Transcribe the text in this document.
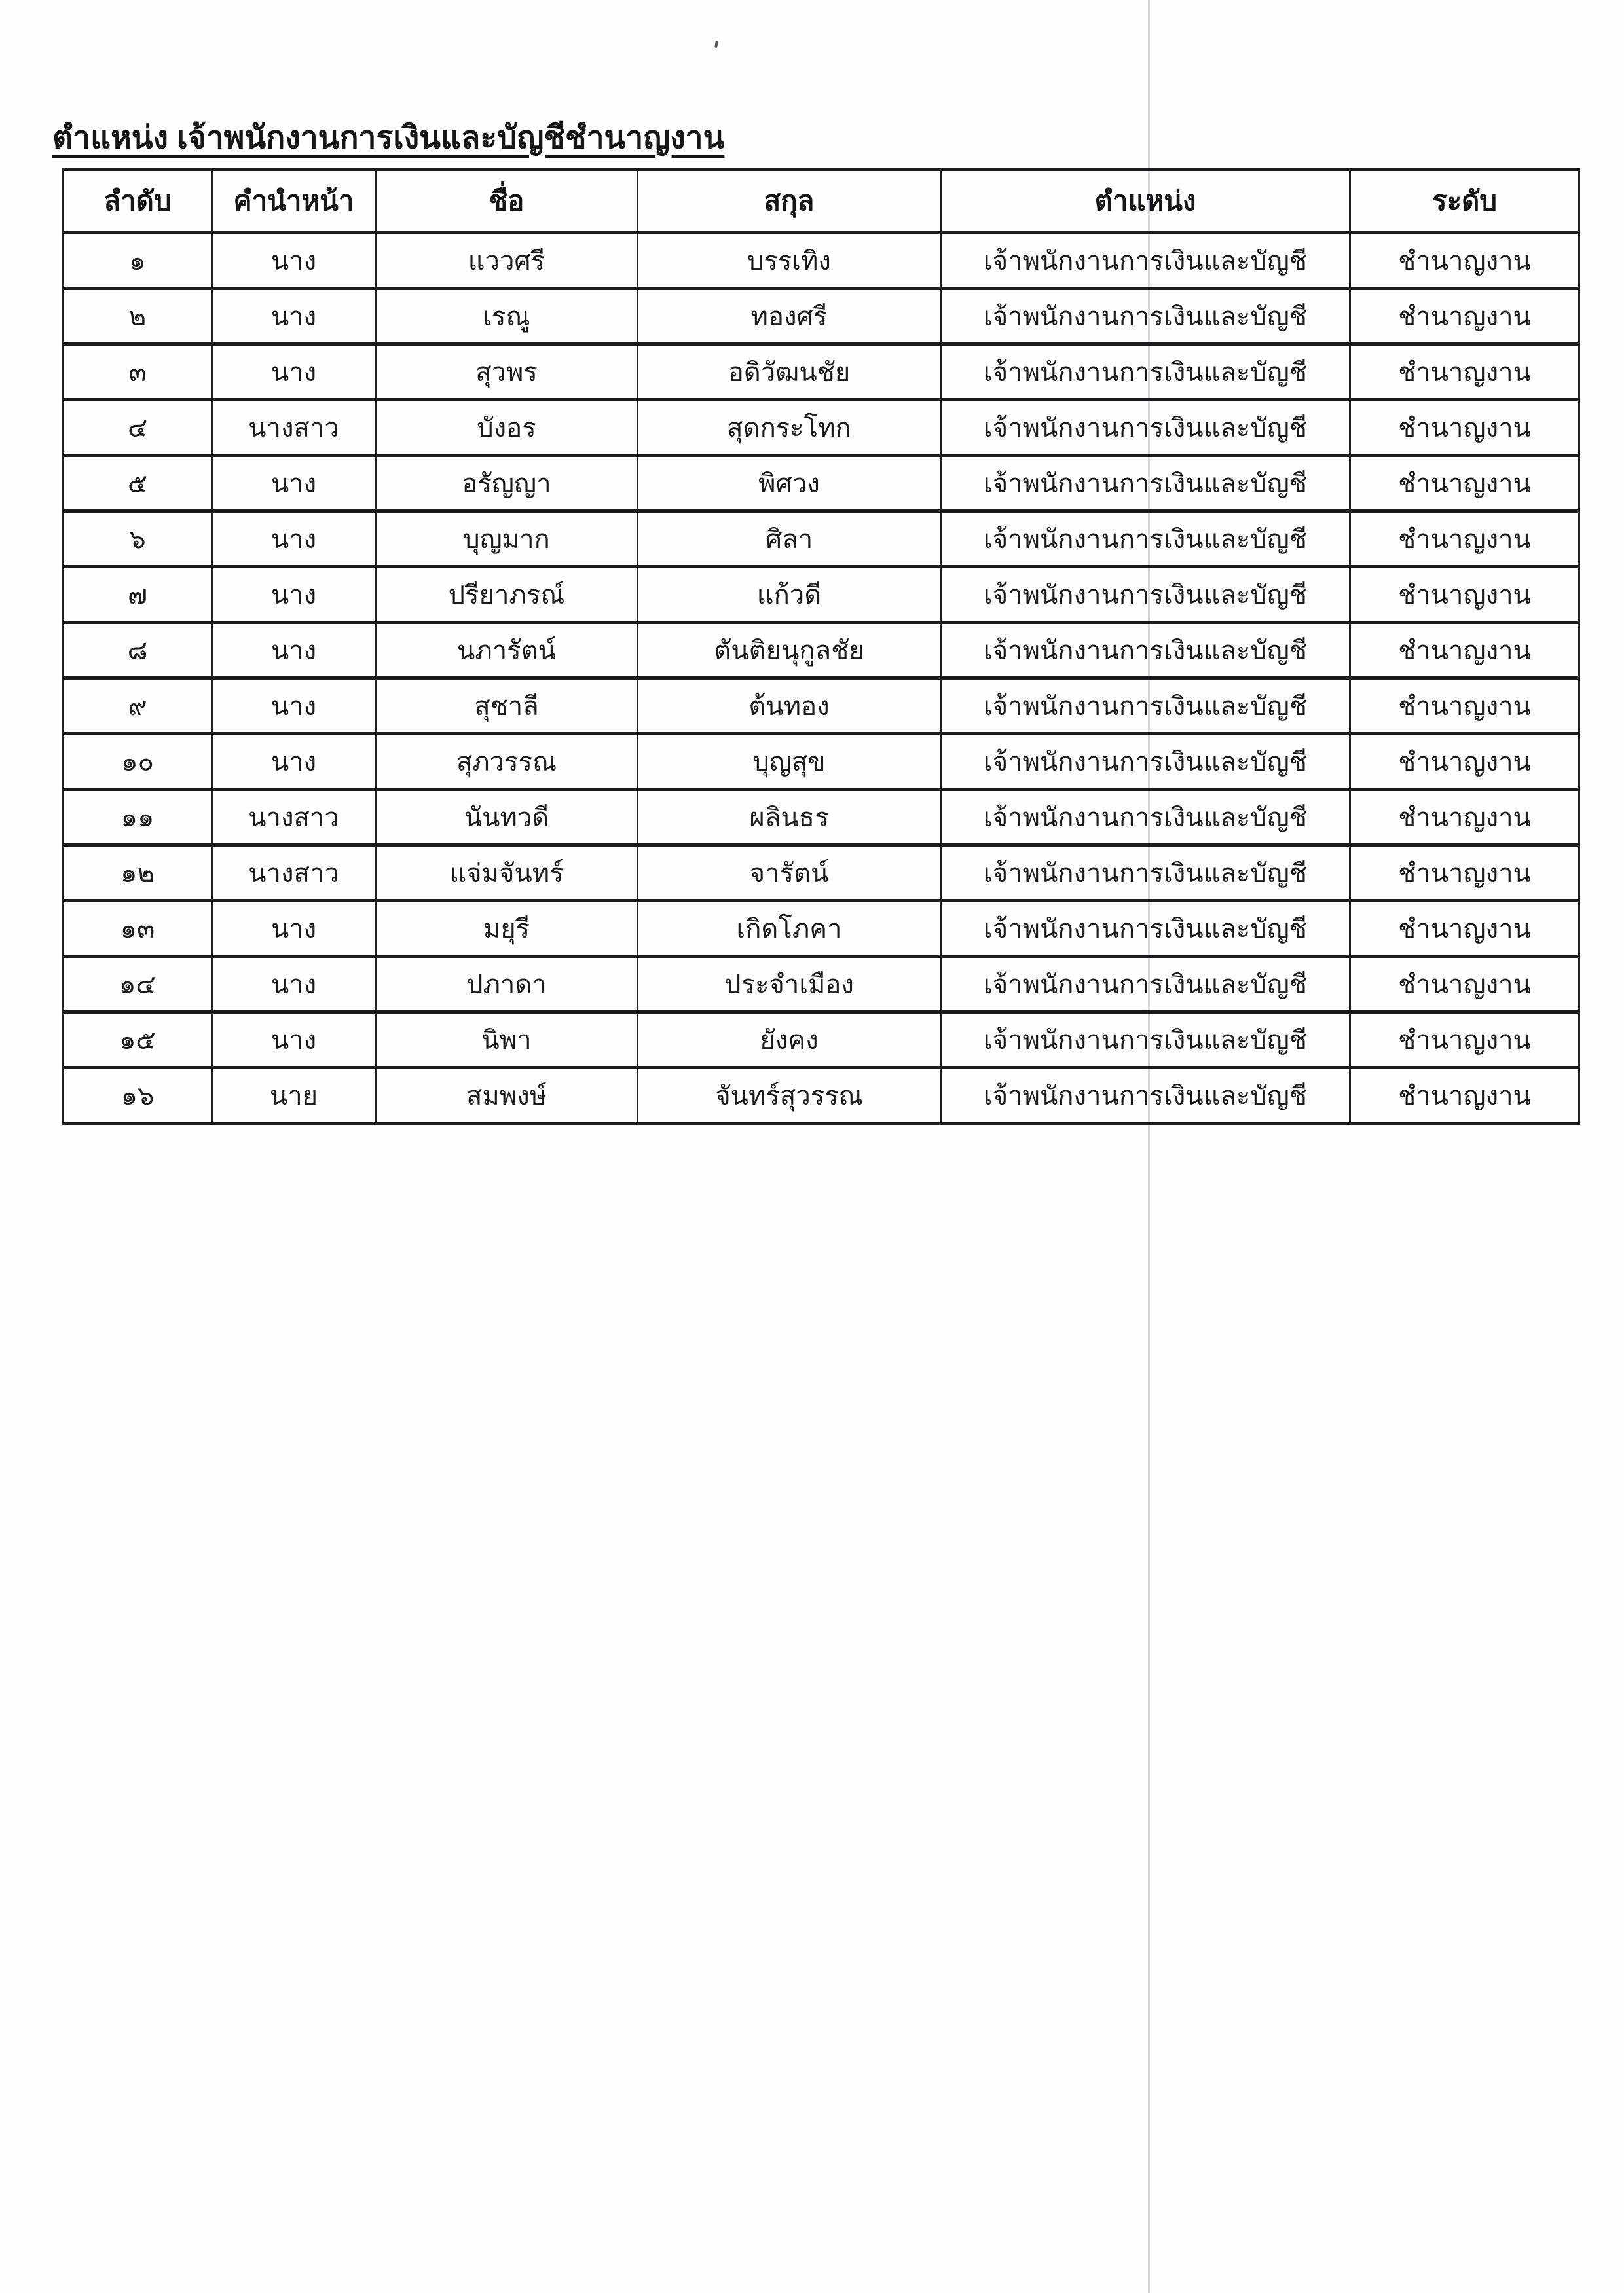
ตำแหน่ง เจ้าพนักงานการเงินและบัญชีชำนาญงาน
ลำดับ	คำนำหน้า	ชื่อ	สกุล	ตำแหน่ง	ระดับ
๑	นาง	แววศรี	บรรเทิง	เจ้าพนักงานการเงินและบัญชี	ชำนาญงาน
๒	นาง	เรณู	ทองศรี	เจ้าพนักงานการเงินและบัญชี	ชำนาญงาน
๓	นาง	สุวพร	อดิวัฒนชัย	เจ้าพนักงานการเงินและบัญชี	ชำนาญงาน
๔	นางสาว	บังอร	สุดกระโทก	เจ้าพนักงานการเงินและบัญชี	ชำนาญงาน
๕	นาง	อรัญญา	พิศวง	เจ้าพนักงานการเงินและบัญชี	ชำนาญงาน
๖	นาง	บุญมาก	ศิลา	เจ้าพนักงานการเงินและบัญชี	ชำนาญงาน
๗	นาง	ปรียาภรณ์	แก้วดี	เจ้าพนักงานการเงินและบัญชี	ชำนาญงาน
๘	นาง	นภารัตน์	ตันติยนุกูลชัย	เจ้าพนักงานการเงินและบัญชี	ชำนาญงาน
๙	นาง	สุชาลี	ต้นทอง	เจ้าพนักงานการเงินและบัญชี	ชำนาญงาน
๑๐	นาง	สุภวรรณ	บุญสุข	เจ้าพนักงานการเงินและบัญชี	ชำนาญงาน
๑๑	นางสาว	นันทวดี	ผลินธร	เจ้าพนักงานการเงินและบัญชี	ชำนาญงาน
๑๒	นางสาว	แจ่มจันทร์	จารัตน์	เจ้าพนักงานการเงินและบัญชี	ชำนาญงาน
๑๓	นาง	มยุรี	เกิดโภคา	เจ้าพนักงานการเงินและบัญชี	ชำนาญงาน
๑๔	นาง	ปภาดา	ประจำเมือง	เจ้าพนักงานการเงินและบัญชี	ชำนาญงาน
๑๕	นาง	นิพา	ยังคง	เจ้าพนักงานการเงินและบัญชี	ชำนาญงาน
๑๖	นาย	สมพงษ์	จันทร์สุวรรณ	เจ้าพนักงานการเงินและบัญชี	ชำนาญงาน
